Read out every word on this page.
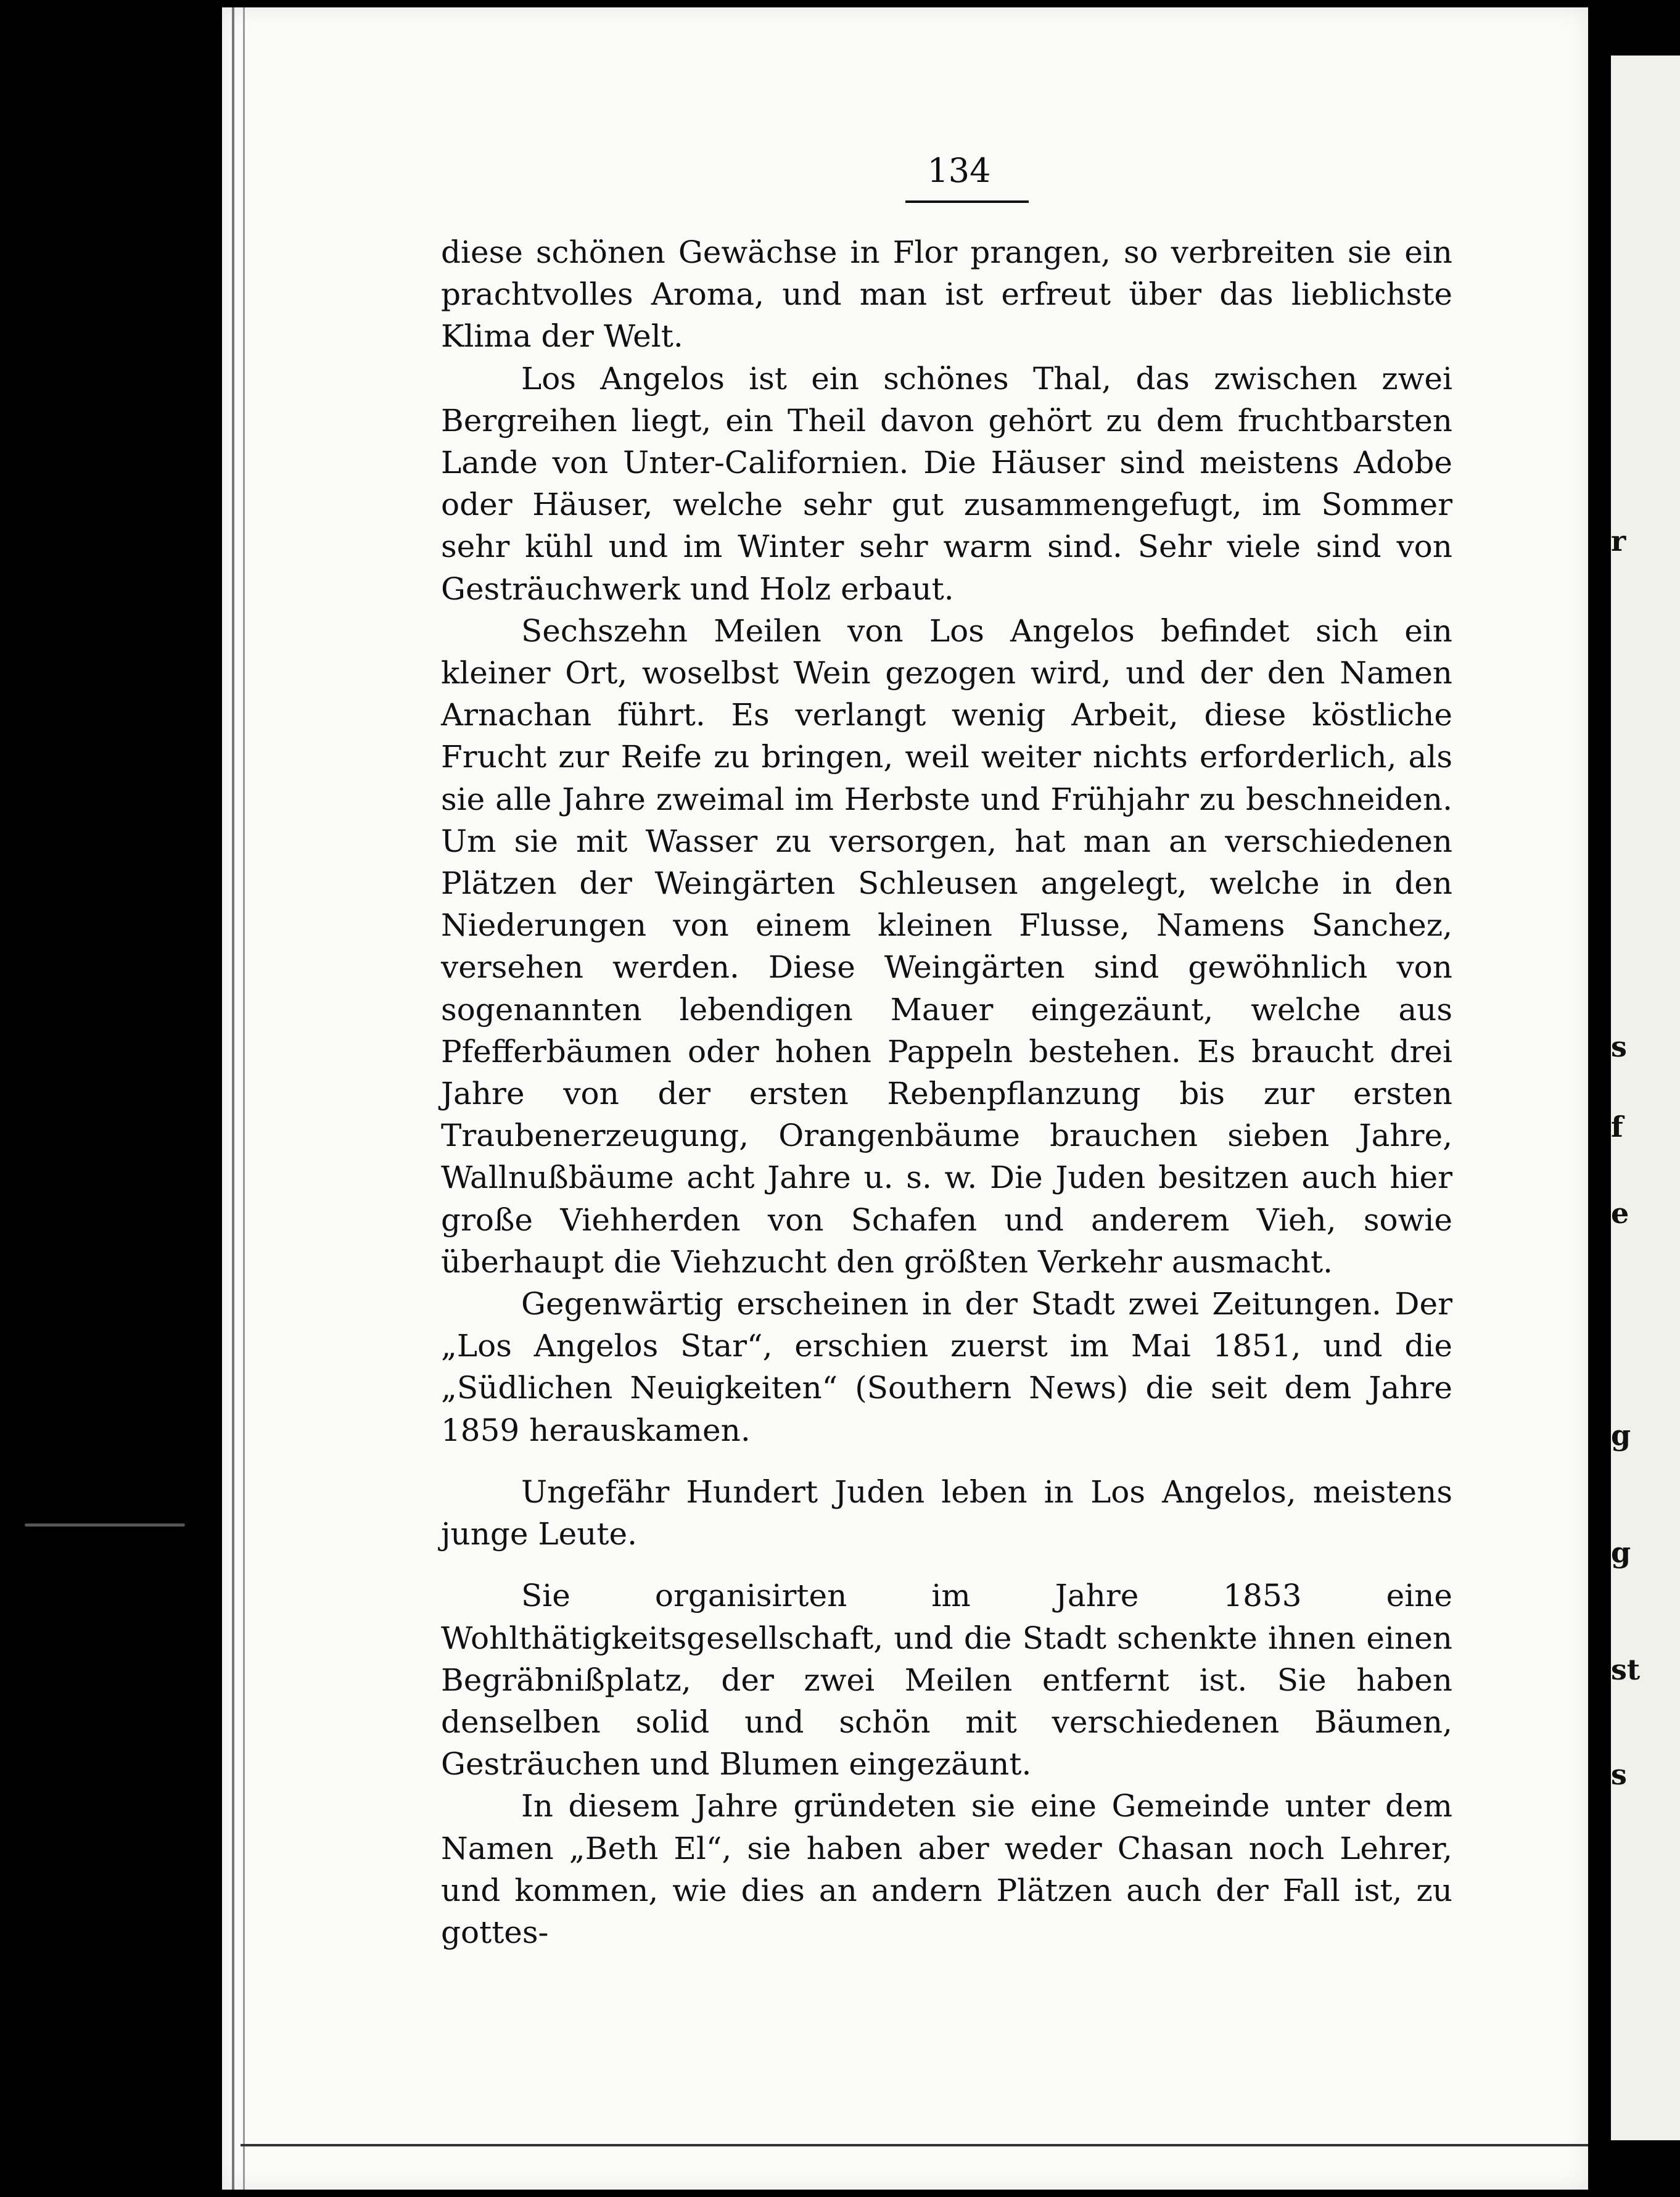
134

diese schönen Gewächse in Flor prangen, so verbreiten sie ein prachtvolles Aroma, und man ist erfreut über das lieblichste Klima der Welt.

Los Angelos ist ein schönes Thal, das zwischen zwei Bergreihen liegt, ein Theil davon gehört zu dem fruchtbarsten Lande von Unter-Californien. Die Häuser sind meistens Adobe oder Häuser, welche sehr gut zusammengefugt, im Sommer sehr kühl und im Winter sehr warm sind. Sehr viele sind von Gesträuchwerk und Holz erbaut.

Sechszehn Meilen von Los Angelos befindet sich ein kleiner Ort, woselbst Wein gezogen wird, und der den Namen Arnachan führt. Es verlangt wenig Arbeit, diese köstliche Frucht zur Reife zu bringen, weil weiter nichts erforderlich, als sie alle Jahre zweimal im Herbste und Frühjahr zu beschneiden. Um sie mit Wasser zu versorgen, hat man an verschiedenen Plätzen der Weingärten Schleusen angelegt, welche in den Niederungen von einem kleinen Flusse, Namens Sanchez, versehen werden. Diese Weingärten sind gewöhnlich von sogenannten lebendigen Mauer eingezäunt, welche aus Pfefferbäumen oder hohen Pappeln bestehen. Es braucht drei Jahre von der ersten Rebenpflanzung bis zur ersten Traubenerzeugung, Orangenbäume brauchen sieben Jahre, Wallnußbäume acht Jahre u. s. w. Die Juden besitzen auch hier große Viehherden von Schafen und anderem Vieh, sowie überhaupt die Viehzucht den größten Verkehr ausmacht.

Gegenwärtig erscheinen in der Stadt zwei Zeitungen. Der „Los Angelos Star“, erschien zuerst im Mai 1851, und die „Südlichen Neuigkeiten“ (Southern News) die seit dem Jahre 1859 herauskamen.

Ungefähr Hundert Juden leben in Los Angelos, meistens junge Leute.

Sie organisirten im Jahre 1853 eine Wohlthätigkeitsgesellschaft, und die Stadt schenkte ihnen einen Begräbnißplatz, der zwei Meilen entfernt ist. Sie haben denselben solid und schön mit verschiedenen Bäumen, Gesträuchen und Blumen eingezäunt.

In diesem Jahre gründeten sie eine Gemeinde unter dem Namen „Beth El“, sie haben aber weder Chasan noch Lehrer, und kommen, wie dies an andern Plätzen auch der Fall ist, zu gottes-

r
s
f
e
g
g
st
s
